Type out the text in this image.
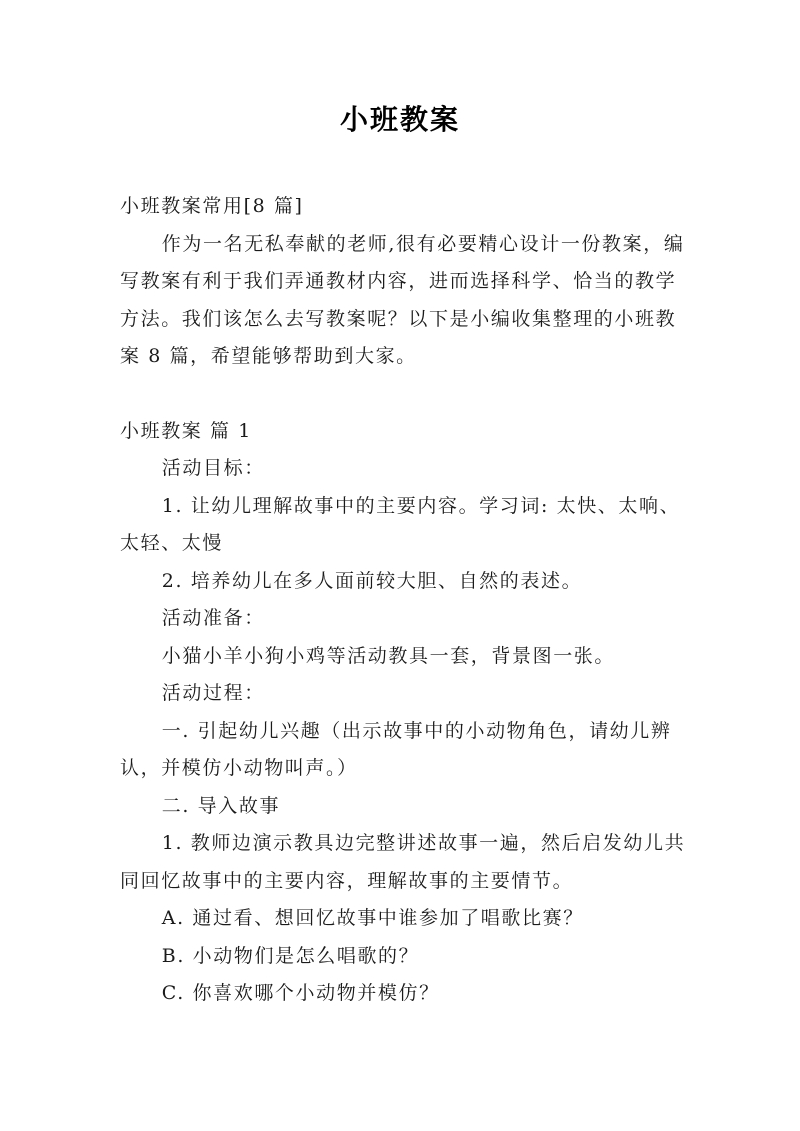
小班教案

小班教案常用[8 篇]

作为一名无私奉献的老师,很有必要精心设计一份教案，编写教案有利于我们弄通教材内容，进而选择科学、恰当的教学方法。我们该怎么去写教案呢？以下是小编收集整理的小班教案 8 篇，希望能够帮助到大家。

小班教案 篇 1

活动目标：

1. 让幼儿理解故事中的主要内容。学习词: 太快、太响、太轻、太慢

2. 培养幼儿在多人面前较大胆、自然的表述。

活动准备：

小猫小羊小狗小鸡等活动教具一套，背景图一张。

活动过程：

一. 引起幼儿兴趣（出示故事中的小动物角色，请幼儿辨认，并模仿小动物叫声。）

二. 导入故事

1. 教师边演示教具边完整讲述故事一遍，然后启发幼儿共同回忆故事中的主要内容，理解故事的主要情节。

A. 通过看、想回忆故事中谁参加了唱歌比赛？

B. 小动物们是怎么唱歌的？

C. 你喜欢哪个小动物并模仿？
